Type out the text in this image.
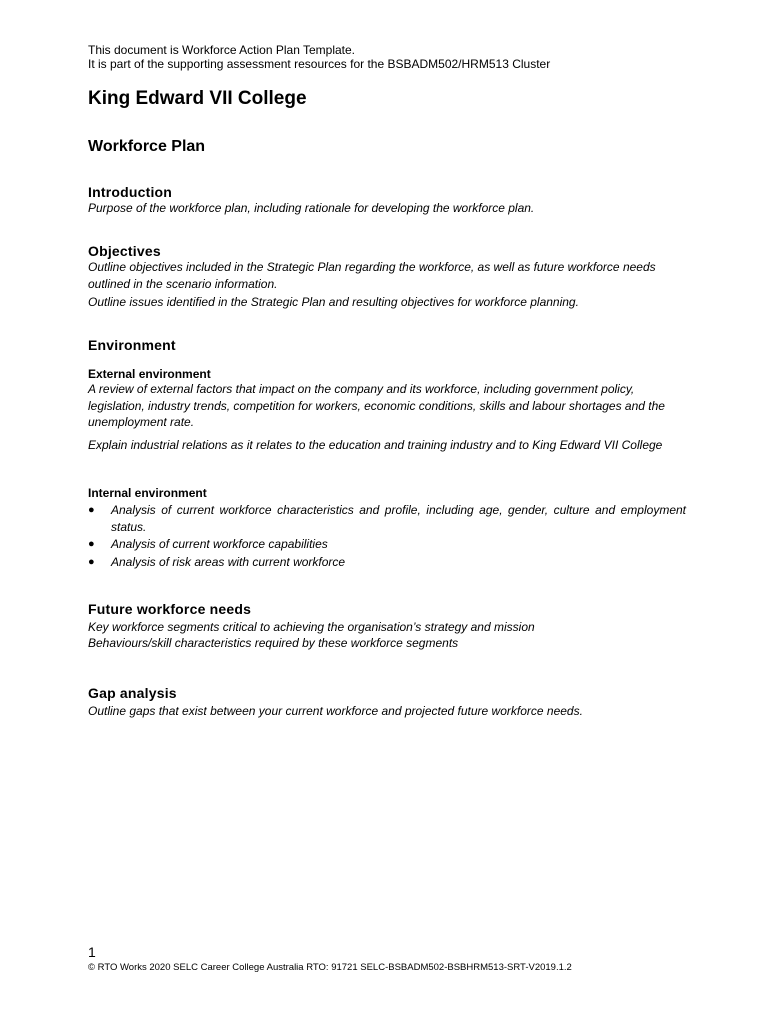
This document is Workforce Action Plan Template.
It is part of the supporting assessment resources for the BSBADM502/HRM513 Cluster
King Edward VII College
Workforce Plan
Introduction
Purpose of the workforce plan, including rationale for developing the workforce plan.
Objectives
Outline objectives included in the Strategic Plan regarding the workforce, as well as future workforce needs outlined in the scenario information.
Outline issues identified in the Strategic Plan and resulting objectives for workforce planning.
Environment
External environment
A review of external factors that impact on the company and its workforce, including government policy, legislation, industry trends, competition for workers, economic conditions, skills and labour shortages and the unemployment rate.
Explain industrial relations as it relates to the education and training industry and to King Edward VII College
Internal environment
● Analysis of current workforce characteristics and profile, including age, gender, culture and employment status.
● Analysis of current workforce capabilities
● Analysis of risk areas with current workforce
Future workforce needs
Key workforce segments critical to achieving the organisation’s strategy and mission
Behaviours/skill characteristics required by these workforce segments
Gap analysis
Outline gaps that exist between your current workforce and projected future workforce needs.
1
© RTO Works 2020 SELC Career College Australia RTO: 91721 SELC-BSBADM502-BSBHRM513-SRT-V2019.1.2
